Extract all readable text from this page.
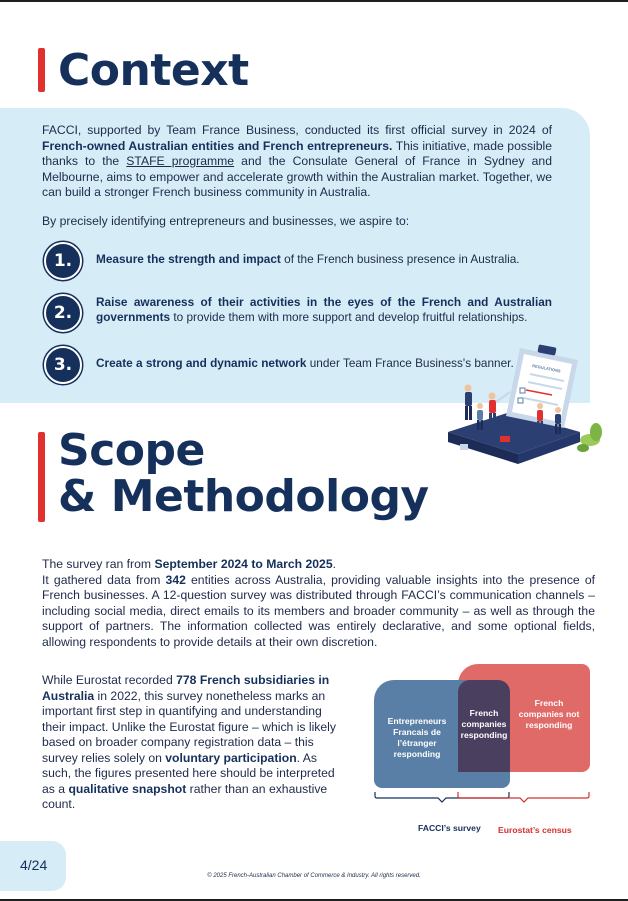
Context

FACCI, supported by Team France Business, conducted its first official survey in 2024 of French-owned Australian entities and French entrepreneurs. This initiative, made possible thanks to the STAFE programme and the Consulate General of France in Sydney and Melbourne, aims to empower and accelerate growth within the Australian market. Together, we can build a stronger French business community in Australia.

By precisely identifying entrepreneurs and businesses, we aspire to:

1.	Measure the strength and impact of the French business presence in Australia.

2.

Raise awareness of their activities in the eyes of the French and Australian governments to provide them with more support and develop fruitful relationships.

3.	Create a strong and dynamic network under Team France Business's banner.	REGULATIONS
Scope
& Methodology

The survey ran from September 2024 to March 2025.
It gathered data from 342 entities across Australia, providing valuable insights into the presence of French businesses. A 12-question survey was distributed through FACCI’s communication channels – including social media, direct emails to its members and broader community – as well as through the support of partners. The information collected was entirely declarative, and some optional fields, allowing respondents to provide details at their own discretion.

While Eurostat recorded 778 French subsidiaries in Australia in 2022, this survey nonetheless marks an important first step in quantifying and understanding their impact. Unlike the Eurostat figure – which is likely based on broader company registration data – this survey relies solely on voluntary participation. As such, the figures presented here should be interpreted as a qualitative snapshot rather than an exhaustive count.

Entrepreneurs Francais de l’étranger responding
French companies responding
French companies not responding
FACCI’s survey Eurostat’s census
4/24
© 2025 French-Australian Chamber of Commerce & Industry. All rights reserved.
